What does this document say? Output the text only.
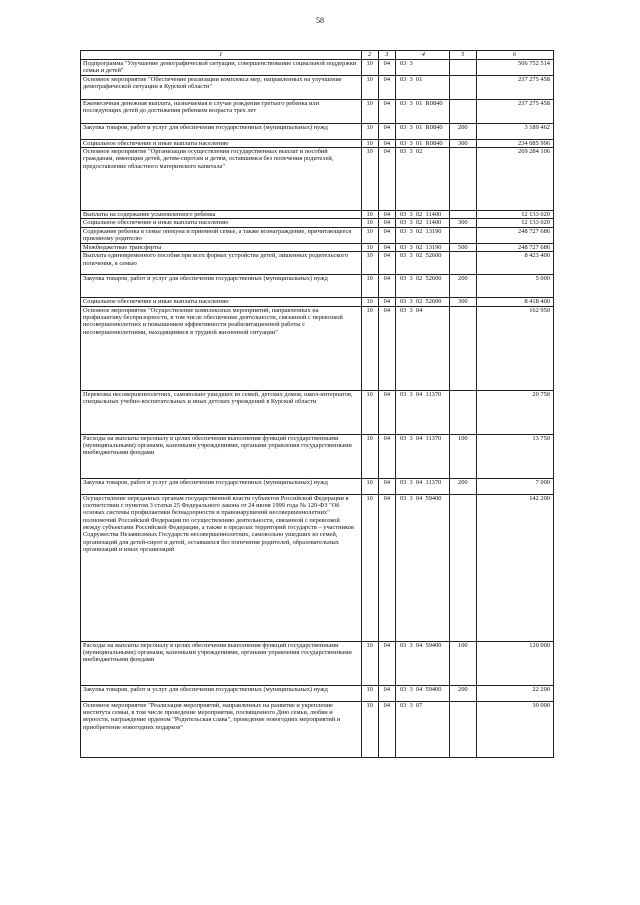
58
1	2	3	4	5	6
Подпрограмма "Улучшение демографической ситуации, совершенствование социальной поддержки семьи и детей"	10	04	03  3		506 752 514
Основное мероприятие "Обеспечение реализации комплекса мер, направленных на улучшение демографической ситуации в Курской области"	10	04	03  3  01		237 275 458
Ежемесячная денежная выплата, назначаемая в случае рождения третьего ребенка или последующих детей до достижения ребенком возраста трех лет	10	04	03  3  01  R0840		237 275 458
Закупка товаров, работ и услуг для обеспечения государственных (муниципальных) нужд	10	04	03  3  01  R0840	200	3 189 462
Социальное обеспечение и иные выплаты населению	10	04	03  3  01  R0840	300	234 085 996
Основное мероприятие "Организация осуществления государственных выплат и пособий гражданам, имеющим детей, детям-сиротам и детям, оставшимся без попечения родителей, предоставление областного материнского капитала"	10	04	03  3  02		269 284 106
Выплаты на содержание усыновленного ребенка	10	04	03  3  02  11400		12 133 020
Социальное обеспечение и иные выплаты населению	10	04	03  3  02  11400	300	12 133 020
Содержание ребенка в семье опекуна и приемной семье, а также вознаграждение, причитающееся приемному родителю	10	04	03  3  02  13190		248 727 686
Межбюджетные трансферты	10	04	03  3  02  13190	500	248 727 686
Выплата единовременного пособия при всех формах устройства детей, лишенных родительского попечения, в семью	10	04	03  3  02  52600		8 423 400
Закупка товаров, работ и услуг для обеспечения государственных (муниципальных) нужд	10	04	03  3  02  52600	200	5 000
Социальное обеспечение и иные выплаты населению	10	04	03  3  02  52600	300	8 418 400
Основное мероприятие "Осуществление комплексных мероприятий, направленных на профилактику беспризорности, в том числе обеспечение деятельности, связанной с перевозкой несовершеннолетних и повышением эффективности реабилитационной работы с несовершеннолетними, находящимися в трудной жизненной ситуации"	10	04	03  3  04		162 950
Перевозка несовершеннолетних, самовольно ушедших из семей, детских домов, школ-интернатов, специальных учебно-воспитательных и иных детских учреждений в Курской области	10	04	03  3  04  11370		20 750
Расходы на выплаты персоналу в целях обеспечения выполнения функций государственными (муниципальными) органами, казенными учреждениями, органами управления государственными внебюджетными фондами	10	04	03  3  04  11370	100	13 750
Закупка товаров, работ и услуг для обеспечения государственных (муниципальных) нужд	10	04	03  3  04  11370	200	7 000
Осуществление переданных органам государственной власти субъектов Российской Федерации в соответствии с пунктом 3 статьи 25 Федерального закона от 24 июня 1999 года № 120-ФЗ "Об основах системы профилактики безнадзорности и правонарушений несовершеннолетних" полномочий Российской Федерации по осуществлению деятельности, связанной с перевозкой между субъектами Российской Федерации, а также в пределах территорий государств – участников Содружества Независимых Государств несовершеннолетних, самовольно ушедших из семей, организаций для детей-сирот и детей, оставшихся без попечения родителей, образовательных организаций и иных организаций	10	04	03  3  04  59400		142 200
Расходы на выплаты персоналу в целях обеспечения выполнения функций государственными (муниципальными) органами, казенными учреждениями, органами управления государственными внебюджетными фондами	10	04	03  3  04  59400	100	120 000
Закупка товаров, работ и услуг для обеспечения государственных (муниципальных) нужд	10	04	03  3  04  59400	200	22 200
Основное мероприятие "Реализация мероприятий, направленных на развитие и укрепление института семьи, в том числе проведение мероприятия, посвященного Дню семьи, любви и верности, награждение орденом "Родительская слава", проведение новогодних мероприятий и приобретение новогодних подарков"	10	04	03  3  07		30 000
